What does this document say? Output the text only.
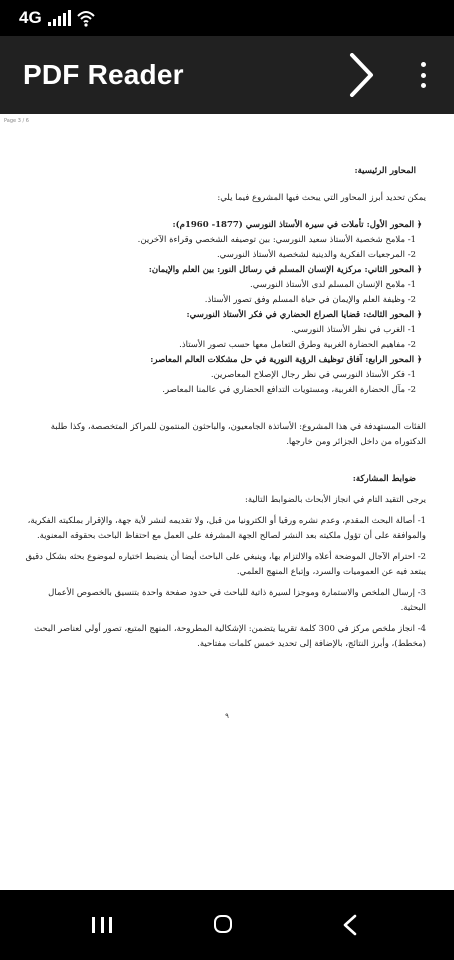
4G
PDF Reader
Page 3 / 6

المحاور الرئيسية:

يمكن تحديد أبرز المحاور التي يبحث فيها المشروع فيما يلي:

﴿ المحور الأول: تأملات في سيرة الأستاذ النورسي (1877- 1960م):

1- ملامح شخصية الأستاذ سعيد النورسي: بين توصيفه الشخصي وقراءة الآخرين.

2- المرجعيات الفكرية والدينية لشخصية الأستاذ النورسي.

﴿ المحور الثاني: مركزية الإنسان المسلم في رسائل النور: بين العلم والإيمان:

1- ملامح الإنسان المسلم لدى الأستاذ النورسي.

2- وظيفة العلم والإيمان في حياة المسلم وفق تصور الأستاذ.

﴿ المحور الثالث: قضايا الصراع الحضاري في فكر الأستاذ النورسي:

1- الغرب في نظر الأستاذ النورسي.

2- مفاهيم الحضارة الغربية وطرق التعامل معها حسب تصور الأستاذ.

﴿ المحور الرابع: آفاق توظيف الرؤية النورية في حل مشكلات العالم المعاصر:

1- فكر الأستاذ النورسي في نظر رجال الإصلاح المعاصرين.

2- مآل الحضارة الغربية، ومستويات التدافع الحضاري في عالمنا المعاصر.

الفئات المستهدفة في هذا المشروع: الأساتذة الجامعيون، والباحثون المنتمون للمراكز المتخصصة، وكذا طلبة الدكتوراه من داخل الجزائر ومن خارجها.

ضوابط المشاركة:

يرجى التقيد التام في انجاز الأبحاث بالضوابط التالية:

1- أصالة البحث المقدم، وعدم نشره ورقيا أو الكترونيا من قبل، ولا تقديمه لنشر لأية جهة، والإقرار بملكيته الفكرية، والموافقة على أن تؤول ملكيته بعد النشر لصالح الجهة المشرفة على العمل مع احتفاظ الباحث بحقوقه المعنوية.

2- احترام الآجال الموضحة أعلاه والالتزام بها، وينبغي على الباحث أيضا أن ينضبط اختياره لموضوع بحثه بشكل دقيق يبتعد فيه عن العموميات والسرد، وإتباع المنهج العلمي.

3- إرسال الملخص والاستمارة وموجزا لسيرة ذاتية للباحث في حدود صفحة واحدة بتنسيق بالخصوص الأعمال البحثية.

4- انجاز ملخص مركز في 300 كلمة تقريبا يتضمن: الإشكالية المطروحة، المنهج المتبع، تصور أولي لعناصر البحث (مخطط)، وأبرز النتائج، بالإضافة إلى تحديد خمس كلمات مفتاحية.

٩
